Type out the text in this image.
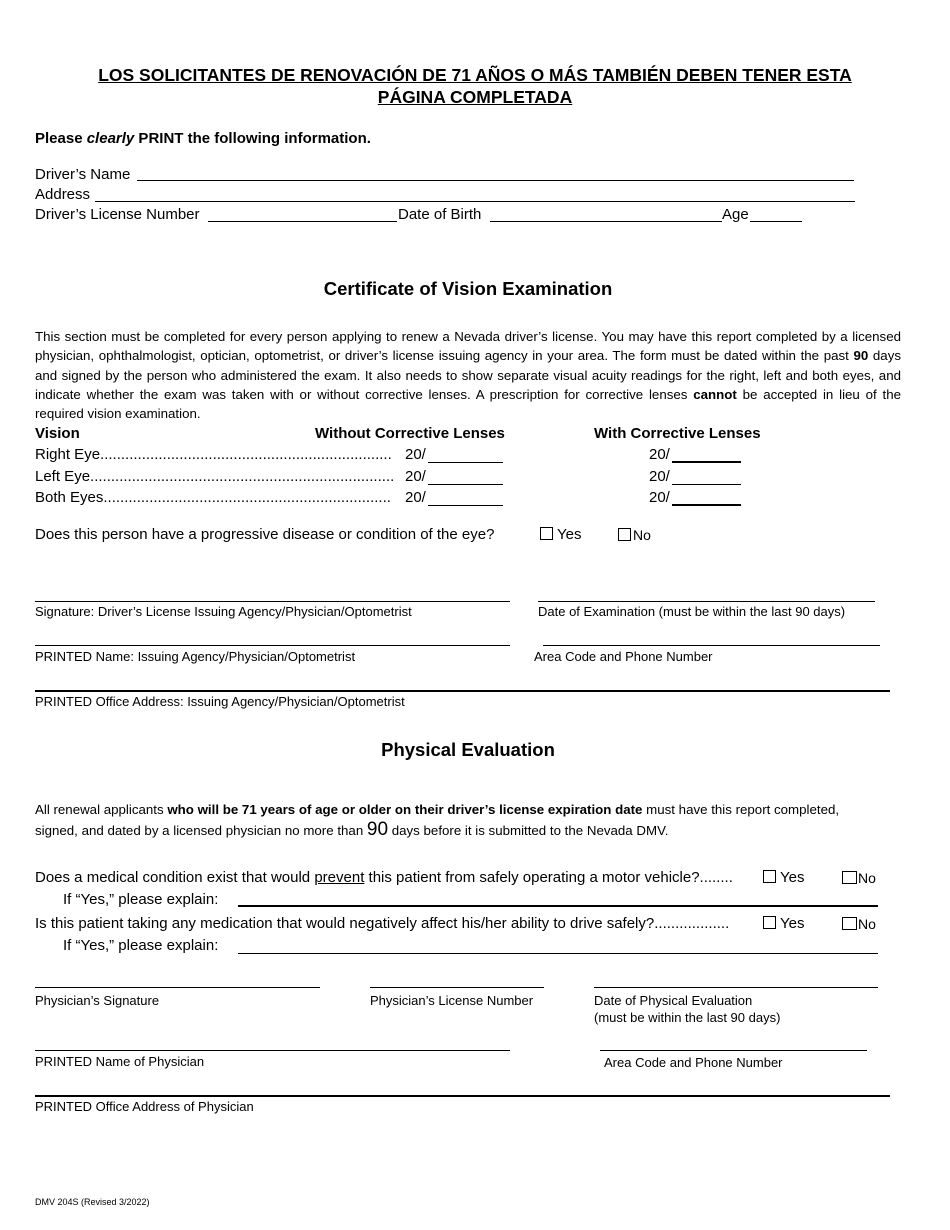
LOS SOLICITANTES DE RENOVACIÓN DE 71 AÑOS O MÁS TAMBIÉN DEBEN TENER ESTA
PÁGINA COMPLETADA
Please clearly PRINT the following information.
Driver’s Name
Address
Driver’s License Number	Date of Birth	Age
Certificate of Vision Examination
This section must be completed for every person applying to renew a Nevada driver’s license. You may have this report completed by a licensed physician, ophthalmologist, optician, optometrist, or driver’s license issuing agency in your area. The form must be dated within the past 90 days and signed by the person who administered the exam. It also needs to show separate visual acuity readings for the right, left and both eyes, and indicate whether the exam was taken with or without corrective lenses. A prescription for corrective lenses cannot be accepted in lieu of the required vision examination.
Vision	Without Corrective Lenses	With Corrective Lenses
Right Eye...................................................................... 20/	20/
Left Eye......................................................................... 20/	20/
Both Eyes..................................................................... 20/	20/
Does this person have a progressive disease or condition of the eye?	Yes	No
Signature: Driver’s License Issuing Agency/Physician/Optometrist	Date of Examination (must be within the last 90 days)
PRINTED Name: Issuing Agency/Physician/Optometrist	Area Code and Phone Number
PRINTED Office Address: Issuing Agency/Physician/Optometrist
Physical Evaluation
All renewal applicants who will be 71 years of age or older on their driver’s license expiration date must have this report completed,
signed, and dated by a licensed physician no more than 90 days before it is submitted to the Nevada DMV.
Does a medical condition exist that would prevent this patient from safely operating a motor vehicle?........	Yes	No
If “Yes,” please explain:
Is this patient taking any medication that would negatively affect his/her ability to drive safely?..................	Yes	No
If “Yes,” please explain:
Physician’s Signature	Physician’s License Number	Date of Physical Evaluation
(must be within the last 90 days)
PRINTED Name of Physician	Area Code and Phone Number
PRINTED Office Address of Physician
DMV 204S (Revised 3/2022)
